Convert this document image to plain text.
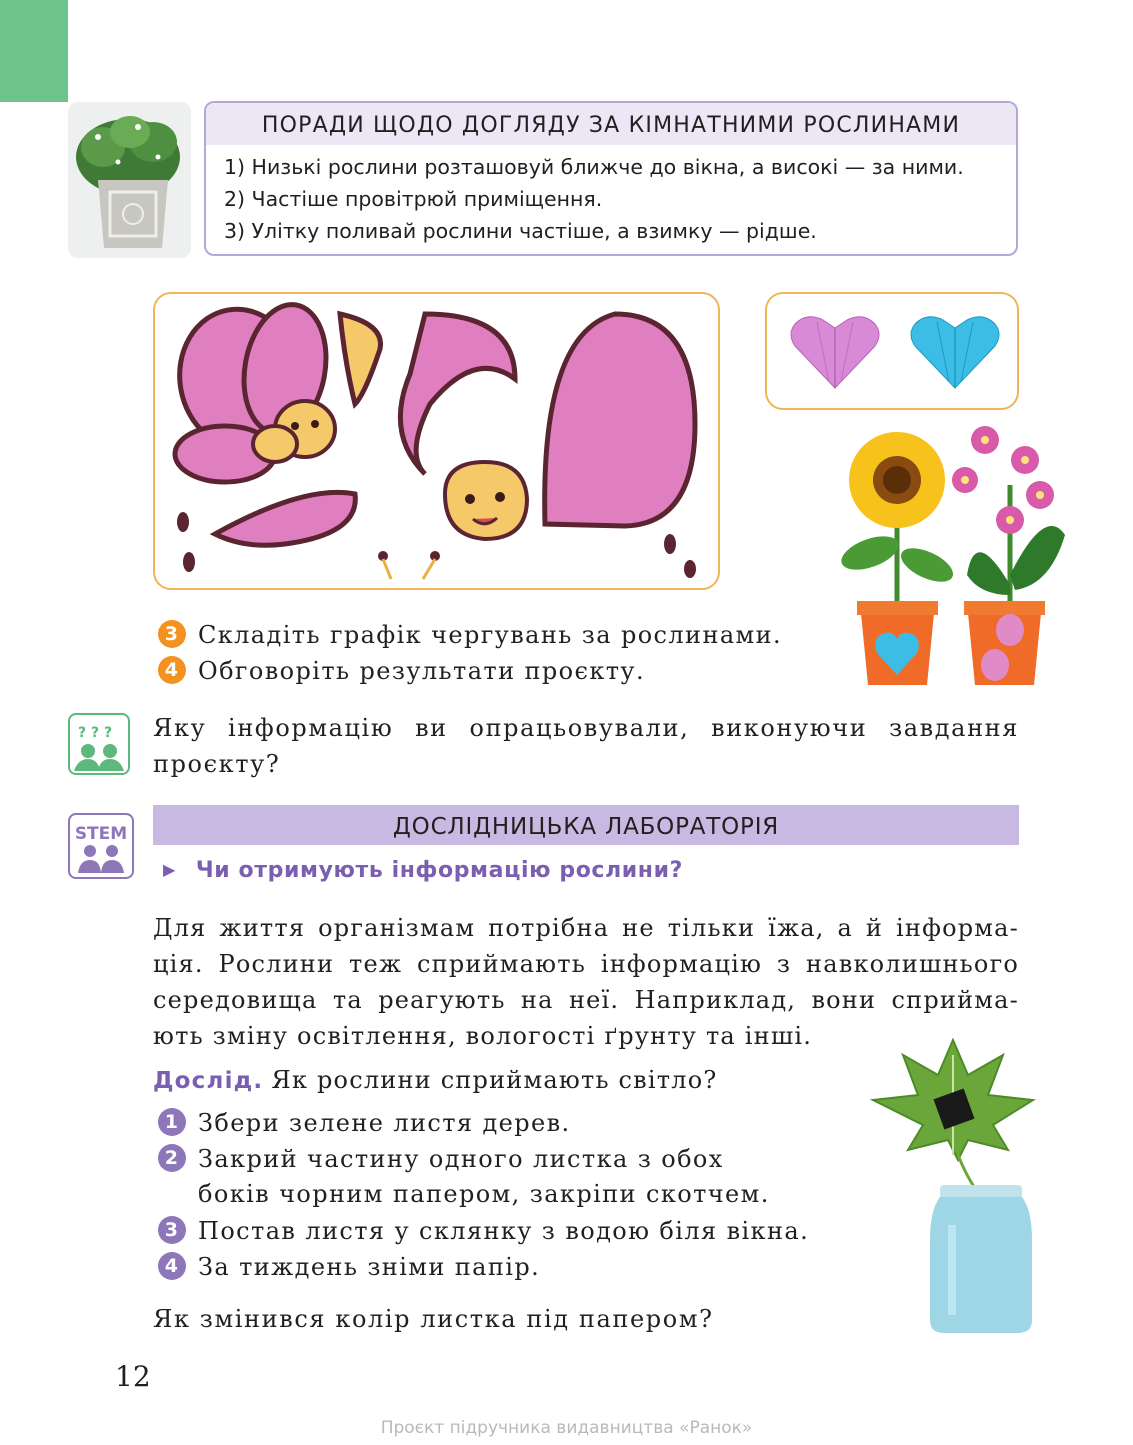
ПОРАДИ ЩОДО ДОГЛЯДУ ЗА КІМНАТНИМИ РОСЛИНАМИ
1) Низькі рослини розташовуй ближче до вікна, а високі — за ними.
2) Частіше провітрюй приміщення.
3) Улітку поливай рослини частіше, а взимку — рідше.
3 Складіть графік чергувань за рослинами.
4 Обговоріть результати проєкту.
? ? ? Яку інформацію ви опрацьовували, виконуючи завдання проєкту?
STEM	ДОСЛІДНИЦЬКА ЛАБОРАТОРІЯ
▶ Чи отримують інформацію рослини?
Для життя організмам потрібна не тільки їжа, а й інформа-
ція. Рослини теж сприймають інформацію з навколишнього
середовища та реагують на неї. Наприклад, вони сприйма-
ють зміну освітлення, вологості ґрунту та інші.
Дослід. Як рослини сприймають світло?
1 Збери зелене листя дерев.
2 Закрий частину одного листка з обох
боків чорним папером, закріпи скотчем.
3 Постав листя у склянку з водою біля вікна.
4 За тиждень зніми папір.
Як змінився колір листка під папером?
12
Проєкт підручника видавництва «Ранок»
